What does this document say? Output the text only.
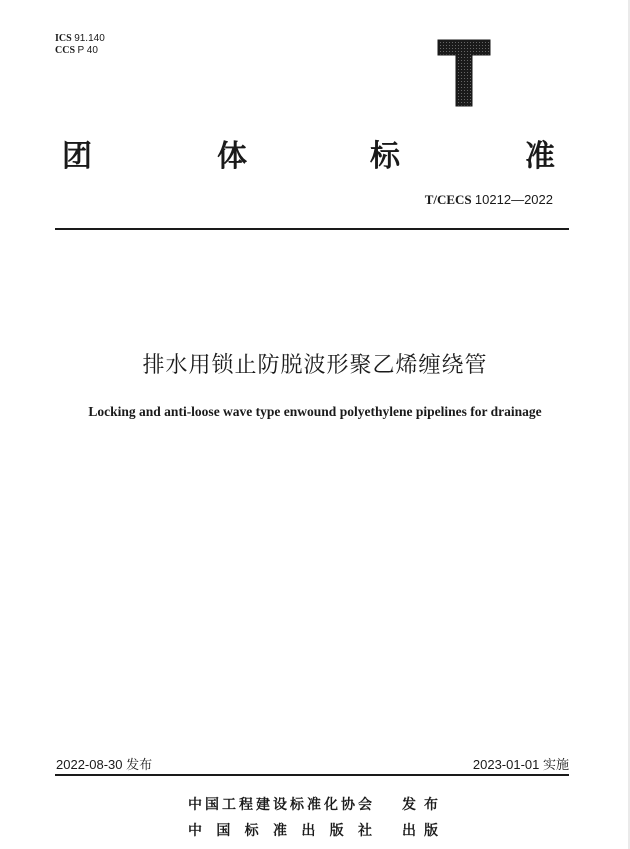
ICS 91.140
CCS P 40
团	体	标	准
T/CECS 10212—2022
排水用锁止防脱波形聚乙烯缠绕管
Locking and anti-loose wave type enwound polyethylene pipelines for drainage
2022-08-30 发布	2023-01-01 实施
中 国 工 程 建 设 标 准 化 协 会 发 布
中 国 标 准 出 版 社 出 版
